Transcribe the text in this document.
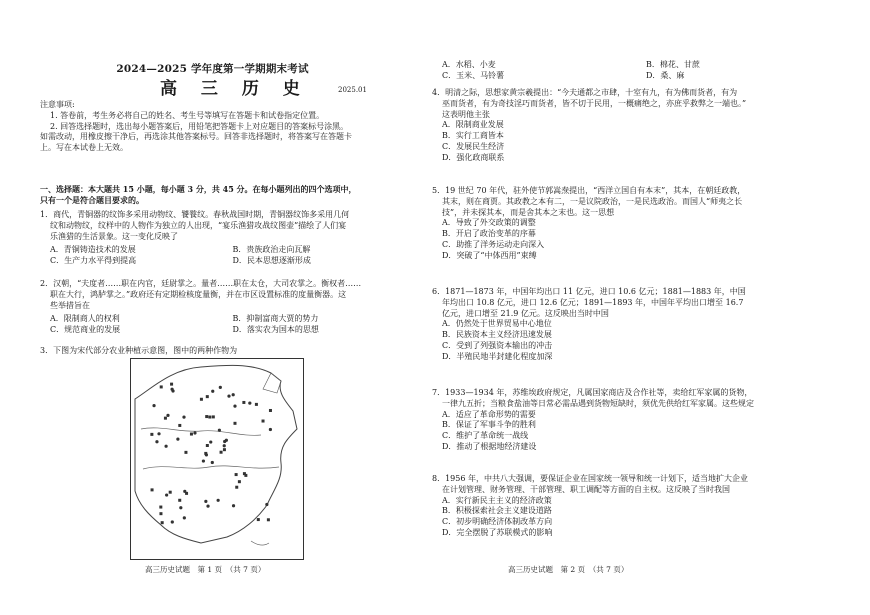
2024—2025 学年度第一学期期末考试
高 三 历 史	2025.01

注意事项:

1. 答卷前，考生务必将自己的姓名、考生号等填写在答题卡和试卷指定位置。

2. 回答选择题时，选出每小题答案后，用铅笔把答题卡上对应题目的答案标号涂黑。

如需改动，用橡皮擦干净后，再选涂其他答案标号。回答非选择题时，将答案写在答题卡

上。写在本试卷上无效。

一、选择题：本大题共 15 小题，每小题 3 分，共 45 分。在每小题列出的四个选项中，

只有一个是符合题目要求的。

1．商代，青铜器的纹饰多采用动物纹、饕餮纹。春秋战国时期，青铜器纹饰多采用几何

纹和动物纹，纹样中的人物作为独立的人出现，“宴乐渔猎攻战纹图壶”描绘了人们宴

乐渔猎的生活景象。这一变化反映了

A．青铜铸造技术的发展	B．贵族政治走向瓦解
C．生产力水平得到提高	D．民本思想逐渐形成

2．汉朝，“夫度者……职在内官，廷尉掌之。量者……职在太仓，大司农掌之。衡权者……

职在大行，鸿胪掌之。”政府还有定期检核度量衡，并在市区设置标准的度量衡器。这

些举措旨在

A．限制商人的权利	B．抑制富商大贾的势力
C．规范商业的发展	D．落实农为国本的思想

3．下图为宋代部分农业种植示意图，图中的两种作物为

高三历史试题　第 1 页　（共 7 页）
A．水稻、小麦	B．棉花、甘蔗
C．玉米、马铃薯	D．桑、麻

4．明清之际，思想家黄宗羲提出：“今夫通都之市肆，十室有九，有为佛而货者，有为

巫而货者，有为奇技淫巧而货者，皆不切于民用，一概痛绝之，亦庶乎救弊之一端也。”

这表明他主张

A．限制商业发展

B．实行工商皆本

C．发展民生经济

D．强化政商联系

5．19 世纪 70 年代，驻外使节郭嵩焘提出，“西洋立国自有本末”，其本，在朝廷政教，

其末，则在商贾。其政教之本有二，一是议院政治，一是民选政治。而国人“师夷之长

技”，并未探其本，而是舍其本之末也。这一思想

A．导致了外交政策的调整

B．开启了政治变革的序幕

C．助推了洋务运动走向深入

D．突破了“中体西用”束缚

6．1871—1873 年，中国年均出口 11 亿元，进口 10.6 亿元；1881—1883 年，中国

年均出口 10.8 亿元，进口 12.6 亿元；1891—1893 年，中国年平均出口增至 16.7

亿元，进口增至 21.9 亿元。这反映出当时中国

A．仍然处于世界贸易中心地位

B．民族资本主义经济迅速发展

C．受到了列强资本输出的冲击

D．半殖民地半封建化程度加深

7．1933—1934 年，苏维埃政府规定，凡属国家商店及合作社等，卖给红军家属的货物，

一律九五折；当粮食盐油等日常必需品遇到货物短缺时，须优先供给红军家属。这些规定

A．适应了革命形势的需要

B．保证了军事斗争的胜利

C．维护了革命统一战线

D．推动了根据地经济建设

8．1956 年，中共八大强调，要保证企业在国家统一领导和统一计划下，适当地扩大企业

在计划管理、财务管理、干部管理、职工调配等方面的自主权。这反映了当时我国

A．实行新民主主义的经济政策

B．积极探索社会主义建设道路

C．初步明确经济体制改革方向

D．完全摆脱了苏联模式的影响

高三历史试题　第 2 页　（共 7 页）
